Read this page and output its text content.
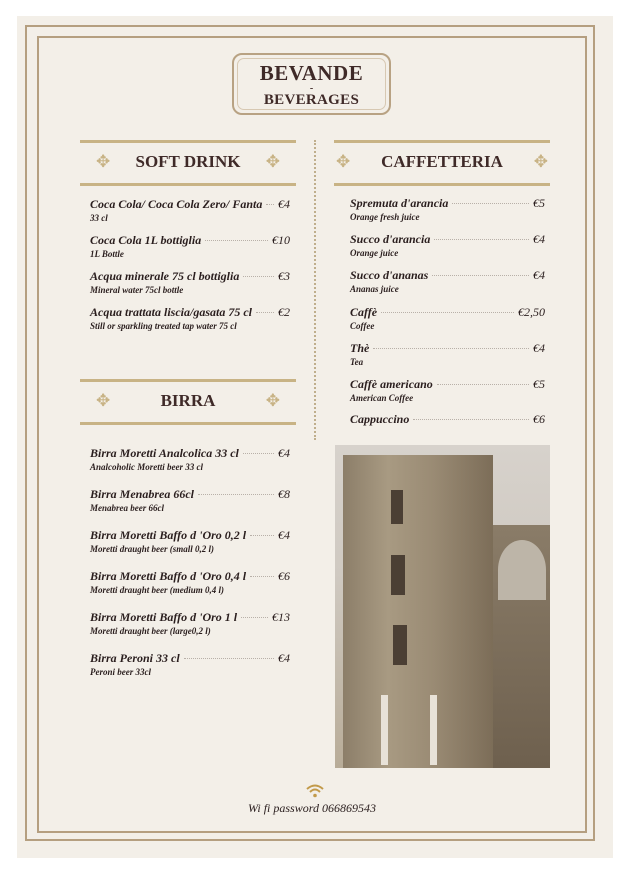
BEVANDE
-
BEVERAGES
✥	SOFT DRINK	✥	✥	CAFFETTERIA	✥
✥	BIRRA	✥
Coca Cola/ Coca Cola Zero/ Fanta €4
33 cl
Coca Cola 1L bottiglia	€10
1L Bottle
Acqua minerale 75 cl bottiglia	€3
Mineral water 75cl bottle
Acqua trattata liscia/gasata 75 cl €2
Still or sparkling treated tap water 75 cl
Birra Moretti Analcolica 33 cl	€4
Analcoholic Moretti beer 33 cl
Birra Menabrea 66cl	€8
Menabrea beer 66cl
Birra Moretti Baffo d 'Oro 0,2 l	€4
Moretti draught beer (small 0,2 l)
Birra Moretti Baffo d 'Oro 0,4 l	€6
Moretti draught beer (medium 0,4 l)
Birra Moretti Baffo d 'Oro 1 l	€13
Moretti draught beer (large0,2 l)
Birra Peroni 33 cl	€4
Peroni beer 33cl
Spremuta d'arancia	€5
Orange fresh juice
Succo d'arancia	€4
Orange juice
Succo d'ananas	€4
Ananas juice
Caffè	€2,50
Coffee
Thè	€4
Tea
Caffè americano	€5
American Coffee
Cappuccino	€6
Wi fi password 066869543
